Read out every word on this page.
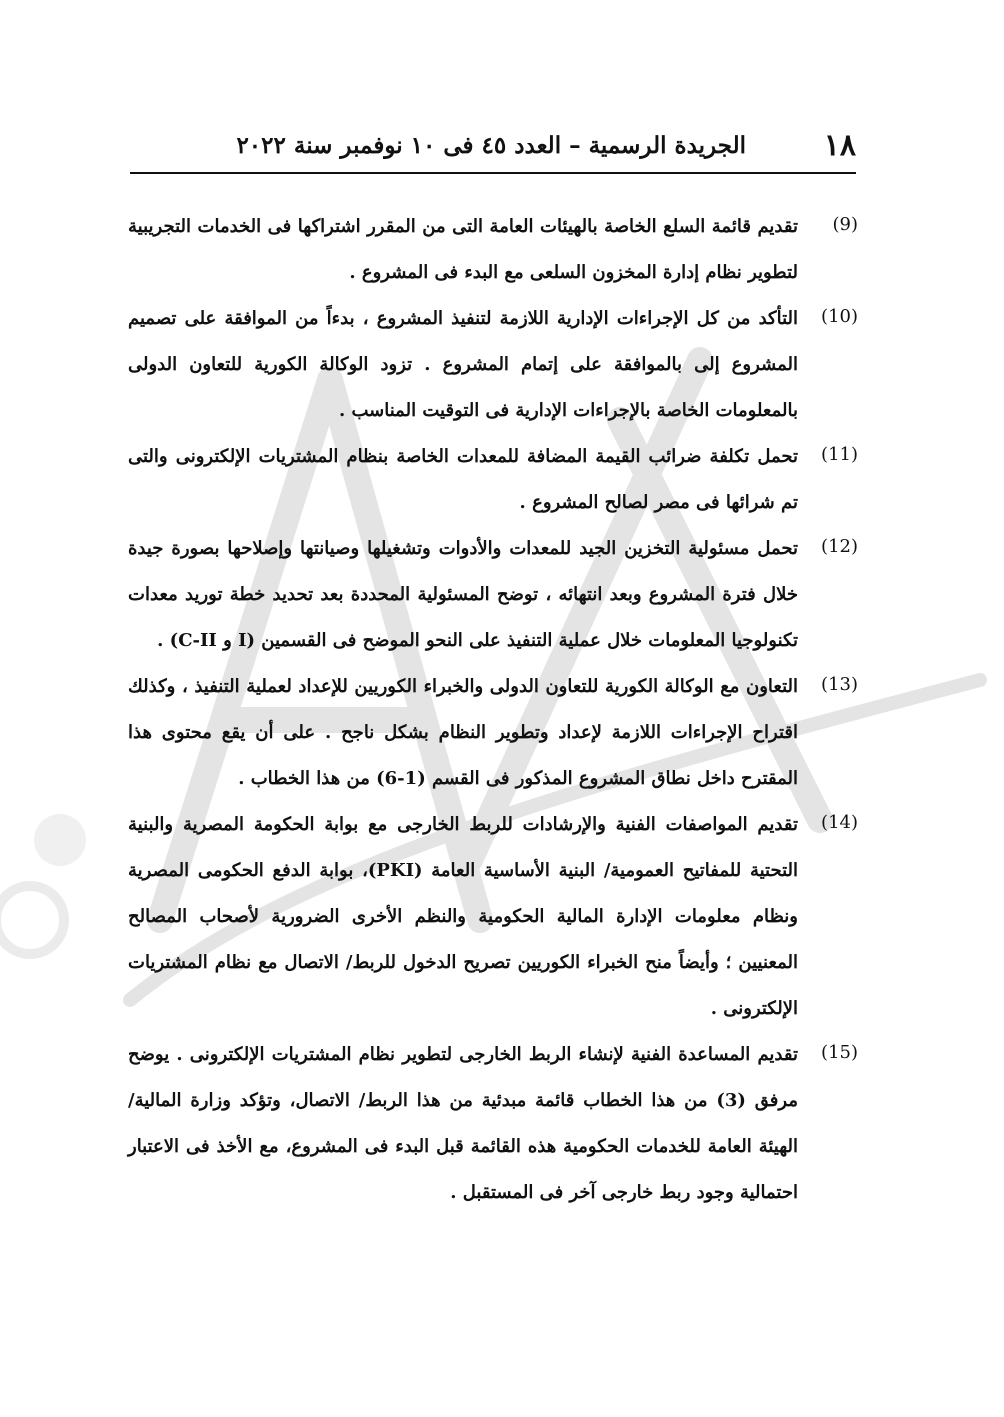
١٨
الجريدة الرسمية – العدد ٤٥ فى ١٠ نوفمبر سنة ٢٠٢٢
(9)
تقديم قائمة السلع الخاصة بالهيئات العامة التى من المقرر اشتراكها فى الخدمات التجريبية لتطوير نظام إدارة المخزون السلعى مع البدء فى المشروع .
(10)
التأكد من كل الإجراءات الإدارية اللازمة لتنفيذ المشروع ، بدءاً من الموافقة على تصميم المشروع إلى بالموافقة على إتمام المشروع . تزود الوكالة الكورية للتعاون الدولى بالمعلومات الخاصة بالإجراءات الإدارية فى التوقيت المناسب .
(11)
تحمل تكلفة ضرائب القيمة المضافة للمعدات الخاصة بنظام المشتريات الإلكترونى والتى تم شرائها فى مصر لصالح المشروع .
(12)
تحمل مسئولية التخزين الجيد للمعدات والأدوات وتشغيلها وصيانتها وإصلاحها بصورة جيدة خلال فترة المشروع وبعد انتهائه ، توضح المسئولية المحددة بعد تحديد خطة توريد معدات تكنولوجيا المعلومات خلال عملية التنفيذ على النحو الموضح فى القسمين (I و C-II) .
(13)
التعاون مع الوكالة الكورية للتعاون الدولى والخبراء الكوريين للإعداد لعملية التنفيذ ، وكذلك اقتراح الإجراءات اللازمة لإعداد وتطوير النظام بشكل ناجح . على أن يقع محتوى هذا المقترح داخل نطاق المشروع المذكور فى القسم (1-6) من هذا الخطاب .
(14)
تقديم المواصفات الفنية والإرشادات للربط الخارجى مع بوابة الحكومة المصرية والبنية التحتية للمفاتيح العمومية/ البنية الأساسية العامة (PKI)، بوابة الدفع الحكومى المصرية ونظام معلومات الإدارة المالية الحكومية والنظم الأخرى الضرورية لأصحاب المصالح المعنيين ؛ وأيضاً منح الخبراء الكوريين تصريح الدخول للربط/ الاتصال مع نظام المشتريات الإلكترونى .
(15)
تقديم المساعدة الفنية لإنشاء الربط الخارجى لتطوير نظام المشتريات الإلكترونى . يوضح مرفق (3) من هذا الخطاب قائمة مبدئية من هذا الربط/ الاتصال، وتؤكد وزارة المالية/الهيئة العامة للخدمات الحكومية هذه القائمة قبل البدء فى المشروع، مع الأخذ فى الاعتبار احتمالية وجود ربط خارجى آخر فى المستقبل .
